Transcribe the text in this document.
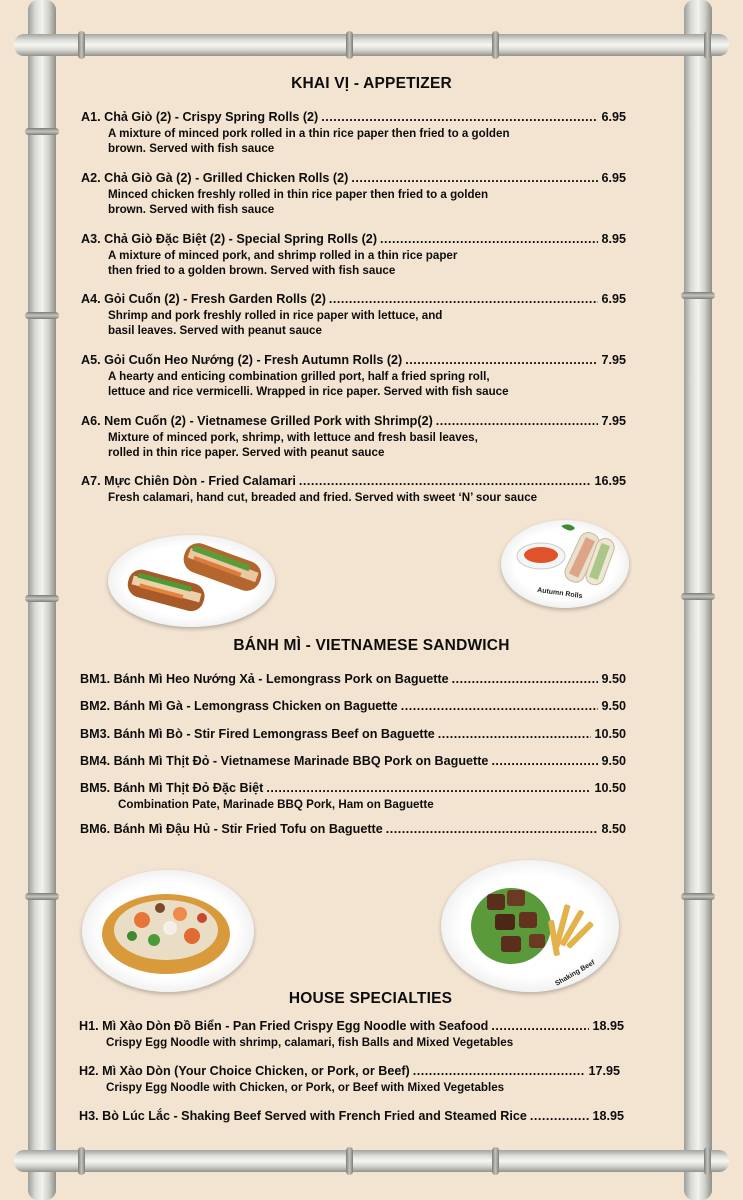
KHAI VỊ - APPETIZER
A1. Chả Giò (2) - Crispy Spring Rolls (2) .....	6.95
A mixture of minced pork rolled in a thin rice paper then fried to a golden
brown. Served with fish sauce
A2. Chả Giò Gà (2) - Grilled Chicken Rolls (2) .....	6.95
Minced chicken freshly rolled in thin rice paper then fried to a golden
brown. Served with fish sauce
A3. Chả Giò Đặc Biệt (2) - Special Spring Rolls (2) .....	8.95
A mixture of minced pork, and shrimp rolled in a thin rice paper
then fried to a golden brown. Served with fish sauce
A4. Gỏi Cuốn (2) - Fresh Garden Rolls (2) .....	6.95
Shrimp and pork freshly rolled in rice paper with lettuce, and
basil leaves. Served with peanut sauce
A5. Gỏi Cuốn Heo Nướng (2) - Fresh Autumn Rolls (2) .....	7.95
A hearty and enticing combination grilled port, half a fried spring roll,
lettuce and rice vermicelli. Wrapped in rice paper. Served with fish sauce
A6. Nem Cuốn (2) - Vietnamese Grilled Pork with Shrimp(2) .....	7.95
Mixture of minced pork, shrimp, with lettuce and fresh basil leaves,
rolled in thin rice paper. Served with peanut sauce
A7. Mực Chiên Dòn - Fried Calamari .....	16.95
Fresh calamari, hand cut, breaded and fried. Served with sweet ‘N’ sour sauce
Autumn Rolls
BÁNH MÌ - VIETNAMESE SANDWICH
BM1. Bánh Mì Heo Nướng Xả - Lemongrass Pork on Baguette .....	9.50
BM2. Bánh Mì Gà - Lemongrass Chicken on Baguette .....	9.50
BM3. Bánh Mì Bò - Stir Fired Lemongrass Beef on Baguette .....	10.50
BM4. Bánh Mì Thịt Đỏ - Vietnamese Marinade BBQ Pork on Baguette .....	9.50
BM5. Bánh Mì Thịt Đỏ Đặc Biệt .....	10.50
Combination Pate, Marinade BBQ Pork, Ham on Baguette
BM6. Bánh Mì Đậu Hủ - Stir Fried Tofu on Baguette .....	8.50
Shaking Beef
HOUSE SPECIALTIES
H1. Mì Xào Dòn Đồ Biển - Pan Fried Crispy Egg Noodle with Seafood .....	18.95
Crispy Egg Noodle with shrimp, calamari, fish Balls and Mixed Vegetables
H2. Mì Xào Dòn (Your Choice Chicken, or Pork, or Beef) .....	17.95
Crispy Egg Noodle with Chicken, or Pork, or Beef with Mixed Vegetables
H3. Bò Lúc Lắc - Shaking Beef Served with French Fried and Steamed Rice .....	18.95
